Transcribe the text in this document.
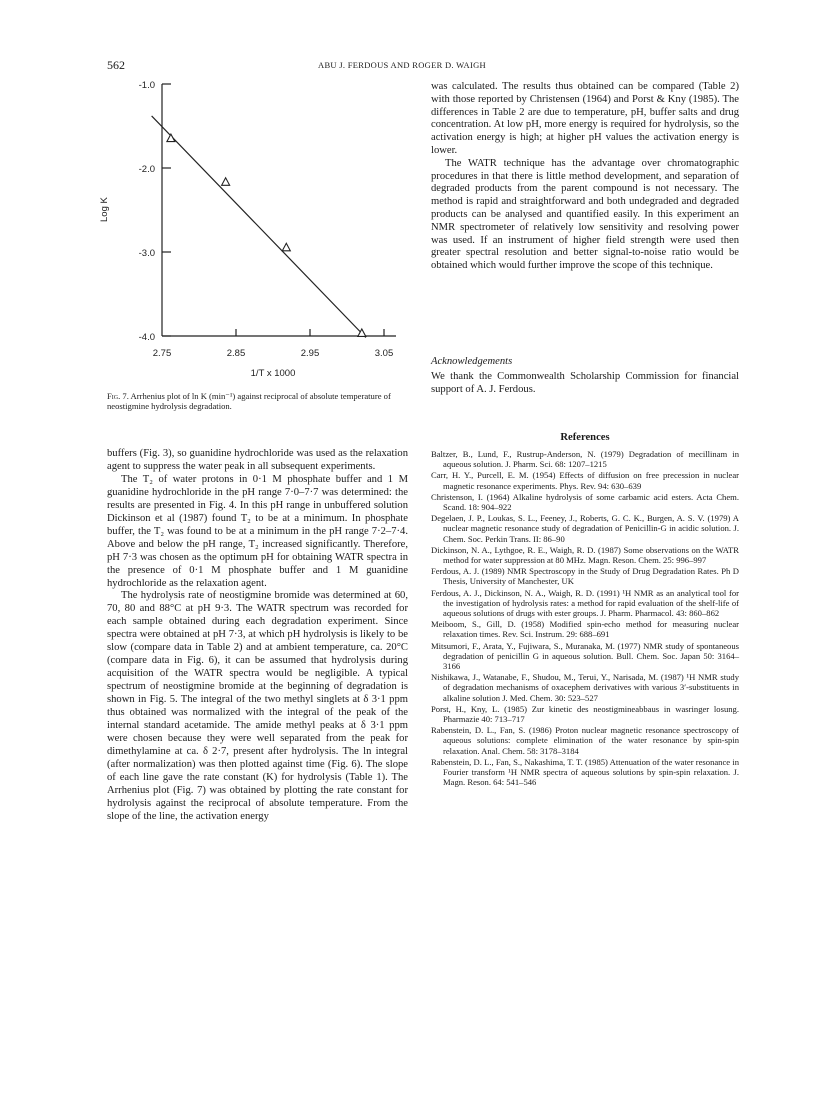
562	ABU J. FERDOUS AND ROGER D. WAIGH
-1.0
-2.0
-3.0
-4.0
2.75	2.85	2.95	3.05
Log K
1/T x 1000
Fig. 7. Arrhenius plot of ln K (min⁻¹) against reciprocal of absolute temperature of neostigmine hydrolysis degradation.

was calculated. The results thus obtained can be compared (Table 2) with those reported by Christensen (1964) and Porst & Kny (1985). The differences in Table 2 are due to temperature, pH, buffer salts and drug concentration. At low pH, more energy is required for hydrolysis, so the activation energy is high; at higher pH values the activation energy is lower.

The WATR technique has the advantage over chromatographic procedures in that there is little method development, and separation of degraded products from the parent compound is not necessary. The method is rapid and straightforward and both undegraded and degraded products can be analysed and quantified easily. In this experiment an NMR spectrometer of relatively low sensitivity and resolving power was used. If an instrument of higher field strength were used then greater spectral resolution and better signal-to-noise ratio would be obtained which would further improve the scope of this technique.

Acknowledgements
We thank the Commonwealth Scholarship Commission for financial support of A. J. Ferdous.

buffers (Fig. 3), so guanidine hydrochloride was used as the relaxation agent to suppress the water peak in all subsequent experiments.

The T₂ of water protons in 0·1 M phosphate buffer and 1 M guanidine hydrochloride in the pH range 7·0–7·7 was determined: the results are presented in Fig. 4. In this pH range in unbuffered solution Dickinson et al (1987) found T₂ to be at a minimum. In phosphate buffer, the T₂ was found to be at a minimum in the pH range 7·2–7·4. Above and below the pH range, T₂ increased significantly. Therefore, pH 7·3 was chosen as the optimum pH for obtaining WATR spectra in the presence of 0·1 M phosphate buffer and 1 M guanidine hydrochloride as the relaxation agent.

The hydrolysis rate of neostigmine bromide was determined at 60, 70, 80 and 88°C at pH 9·3. The WATR spectrum was recorded for each sample obtained during each degradation experiment. Since spectra were obtained at pH 7·3, at which pH hydrolysis is likely to be slow (compare data in Table 2) and at ambient temperature, ca. 20°C (compare data in Fig. 6), it can be assumed that hydrolysis during acquisition of the WATR spectra would be negligible. A typical spectrum of neostigmine bromide at the beginning of degradation is shown in Fig. 5. The integral of the two methyl singlets at δ 3·1 ppm thus obtained was normalized with the integral of the peak of the internal standard acetamide. The amide methyl peaks at δ 3·1 ppm were chosen because they were well separated from the peak for dimethylamine at ca. δ 2·7, present after hydrolysis. The ln integral (after normalization) was then plotted against time (Fig. 6). The slope of each line gave the rate constant (K) for hydrolysis (Table 1). The Arrhenius plot (Fig. 7) was obtained by plotting the rate constant for hydrolysis against the reciprocal of absolute temperature. From the slope of the line, the activation energy

References
Baltzer, B., Lund, F., Rustrup-Anderson, N. (1979) Degradation of mecillinam in aqueous solution. J. Pharm. Sci. 68: 1207–1215
Carr, H. Y., Purcell, E. M. (1954) Effects of diffusion on free precession in nuclear magnetic resonance experiments. Phys. Rev. 94: 630–639
Christenson, I. (1964) Alkaline hydrolysis of some carbamic acid esters. Acta Chem. Scand. 18: 904–922
Degelaen, J. P., Loukas, S. L., Feeney, J., Roberts, G. C. K., Burgen, A. S. V. (1979) A nuclear magnetic resonance study of degradation of Penicillin-G in acidic solution. J. Chem. Soc. Perkin Trans. II: 86–90
Dickinson, N. A., Lythgoe, R. E., Waigh, R. D. (1987) Some observations on the WATR method for water suppression at 80 MHz. Magn. Reson. Chem. 25: 996–997
Ferdous, A. J. (1989) NMR Spectroscopy in the Study of Drug Degradation Rates. Ph D Thesis, University of Manchester, UK
Ferdous, A. J., Dickinson, N. A., Waigh, R. D. (1991) ¹H NMR as an analytical tool for the investigation of hydrolysis rates: a method for rapid evaluation of the shelf-life of aqueous solutions of drugs with ester groups. J. Pharm. Pharmacol. 43: 860–862
Meiboom, S., Gill, D. (1958) Modified spin-echo method for measuring nuclear relaxation times. Rev. Sci. Instrum. 29: 688–691
Mitsumori, F., Arata, Y., Fujiwara, S., Muranaka, M. (1977) NMR study of spontaneous degradation of penicillin G in aqueous solution. Bull. Chem. Soc. Japan 50: 3164–3166
Nishikawa, J., Watanabe, F., Shudou, M., Terui, Y., Narisada, M. (1987) ¹H NMR study of degradation mechanisms of oxacephem derivatives with various 3′-substituents in alkaline solution J. Med. Chem. 30: 523–527
Porst, H., Kny, L. (1985) Zur kinetic des neostigmineabbaus in wasringer losung. Pharmazie 40: 713–717
Rabenstein, D. L., Fan, S. (1986) Proton nuclear magnetic resonance spectroscopy of aqueous solutions: complete elimination of the water resonance by spin-spin relaxation. Anal. Chem. 58: 3178–3184
Rabenstein, D. L., Fan, S., Nakashima, T. T. (1985) Attenuation of the water resonance in Fourier transform ¹H NMR spectra of aqueous solutions by spin-spin relaxation. J. Magn. Reson. 64: 541–546
